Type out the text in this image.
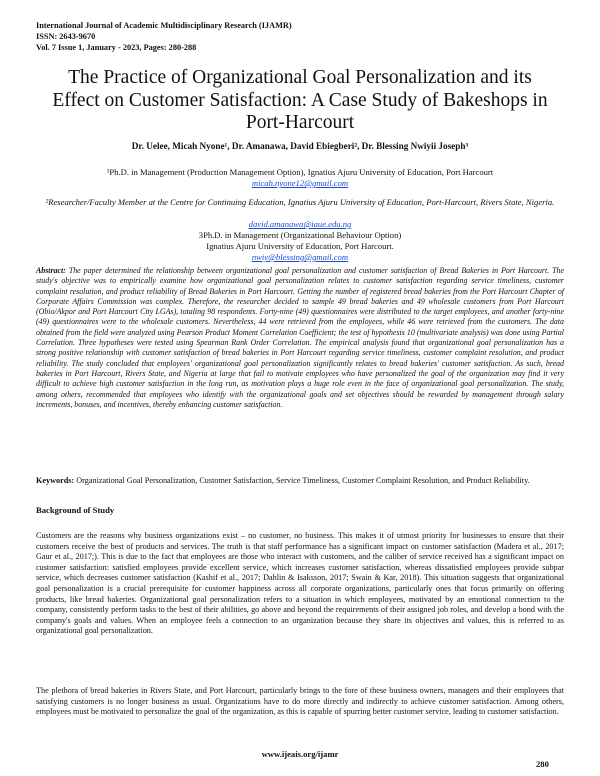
International Journal of Academic Multidisciplinary Research (IJAMR)
ISSN: 2643-9670
Vol. 7 Issue 1, January - 2023, Pages: 280-288
The Practice of Organizational Goal Personalization and its Effect on Customer Satisfaction: A Case Study of Bakeshops in Port-Harcourt
Dr. Uelee, Micah Nyone¹, Dr. Amanawa, David Ebiegberi², Dr. Blessing Nwiyii Joseph³
¹Ph.D. in Management (Production Management Option), Ignatius Ajuru University of Education, Port Harcourt
micah.nyone12@gmail.com
²Researcher/Faculty Member at the Centre for Continuing Education, Ignatius Ajuru University of Education, Port-Harcourt, Rivers State, Nigeria.
david.amanawa@iaue.edu.ng
3Ph.D. in Management (Organizational Behaviour Option)
Ignatius Ajuru University of Education, Port Harcourt.
nwiy@blessing@gmail.com
Abstract: The paper determined the relationship between organizational goal personalization and customer satisfaction of Bread Bakeries in Port Harcourt. The study's objective was to empirically examine how organizational goal personalization relates to customer satisfaction regarding service timeliness, customer complaint resolution, and product reliability of Bread Bakeries in Port Harcourt. Getting the number of registered bread bakeries from the Port Harcourt Chapter of Corporate Affairs Commission was complex. Therefore, the researcher decided to sample 49 bread bakeries and 49 wholesale customers from Port Harcourt (Obio/Akpor and Port Harcourt City LGAs), totaling 98 respondents. Forty-nine (49) questionnaires were distributed to the target employees, and another forty-nine (49) questionnaires were to the wholesale customers. Nevertheless, 44 were retrieved from the employees, while 46 were retrieved from the customers. The data obtained from the field were analyzed using Pearson Product Moment Correlation Coefficient; the test of hypothesis 10 (multivariate analysis) was done using Partial Correlation. Three hypotheses were tested using Spearman Rank Order Correlation. The empirical analysis found that organizational goal personalization has a strong positive relationship with customer satisfaction of bread bakeries in Port Harcourt regarding service timeliness, customer complaint resolution, and product reliability. The study concluded that employees' organizational goal personalization significantly relates to bread bakeries' customer satisfaction. As such, bread bakeries in Port Harcourt, Rivers State, and Nigeria at large that fail to motivate employees who have personalized the goal of the organization may find it very difficult to achieve high customer satisfaction in the long run, as motivation plays a huge role even in the face of organizational goal personalization. The study, among others, recommended that employees who identify with the organizational goals and set objectives should be rewarded by management through salary increments, bonuses, and incentives, thereby enhancing customer satisfaction.
Keywords: Organizational Goal Personalization, Customer Satisfaction, Service Timeliness, Customer Complaint Resolution, and Product Reliability.
Background of Study
Customers are the reasons why business organizations exist – no customer, no business. This makes it of utmost priority for businesses to ensure that their customers receive the best of products and services. The truth is that staff performance has a significant impact on customer satisfaction (Madera et al., 2017; Gaur et al., 2017;). This is due to the fact that employees are those who interact with customers, and the caliber of service received has a significant impact on customer satisfaction: satisfied employees provide excellent service, which increases customer satisfaction, whereas dissatisfied employees provide subpar service, which decreases customer satisfaction (Kashif et al., 2017; Dahlin & Isaksson, 2017; Swain & Kar, 2018). This situation suggests that organizational goal personalization is a crucial prerequisite for customer happiness across all corporate organizations, particularly ones that focus primarily on offering products, like bread bakeries. Organizational goal personalization refers to a situation in which employees, motivated by an emotional connection to the company, consistently perform tasks to the best of their abilities, go above and beyond the requirements of their assigned job roles, and develop a bond with the company's goals and values. When an employee feels a connection to an organization because they share its objectives and values, this is referred to as organizational goal personalization.
The plethora of bread bakeries in Rivers State, and Port Harcourt, particularly brings to the fore of these business owners, managers and their employees that satisfying customers is no longer business as usual. Organizations have to do more directly and indirectly to achieve customer satisfaction. Among others, employees must be motivated to personalize the goal of the organization, as this is capable of spurring better customer service, leading to customer satisfaction.
www.ijeais.org/ijamr
280
